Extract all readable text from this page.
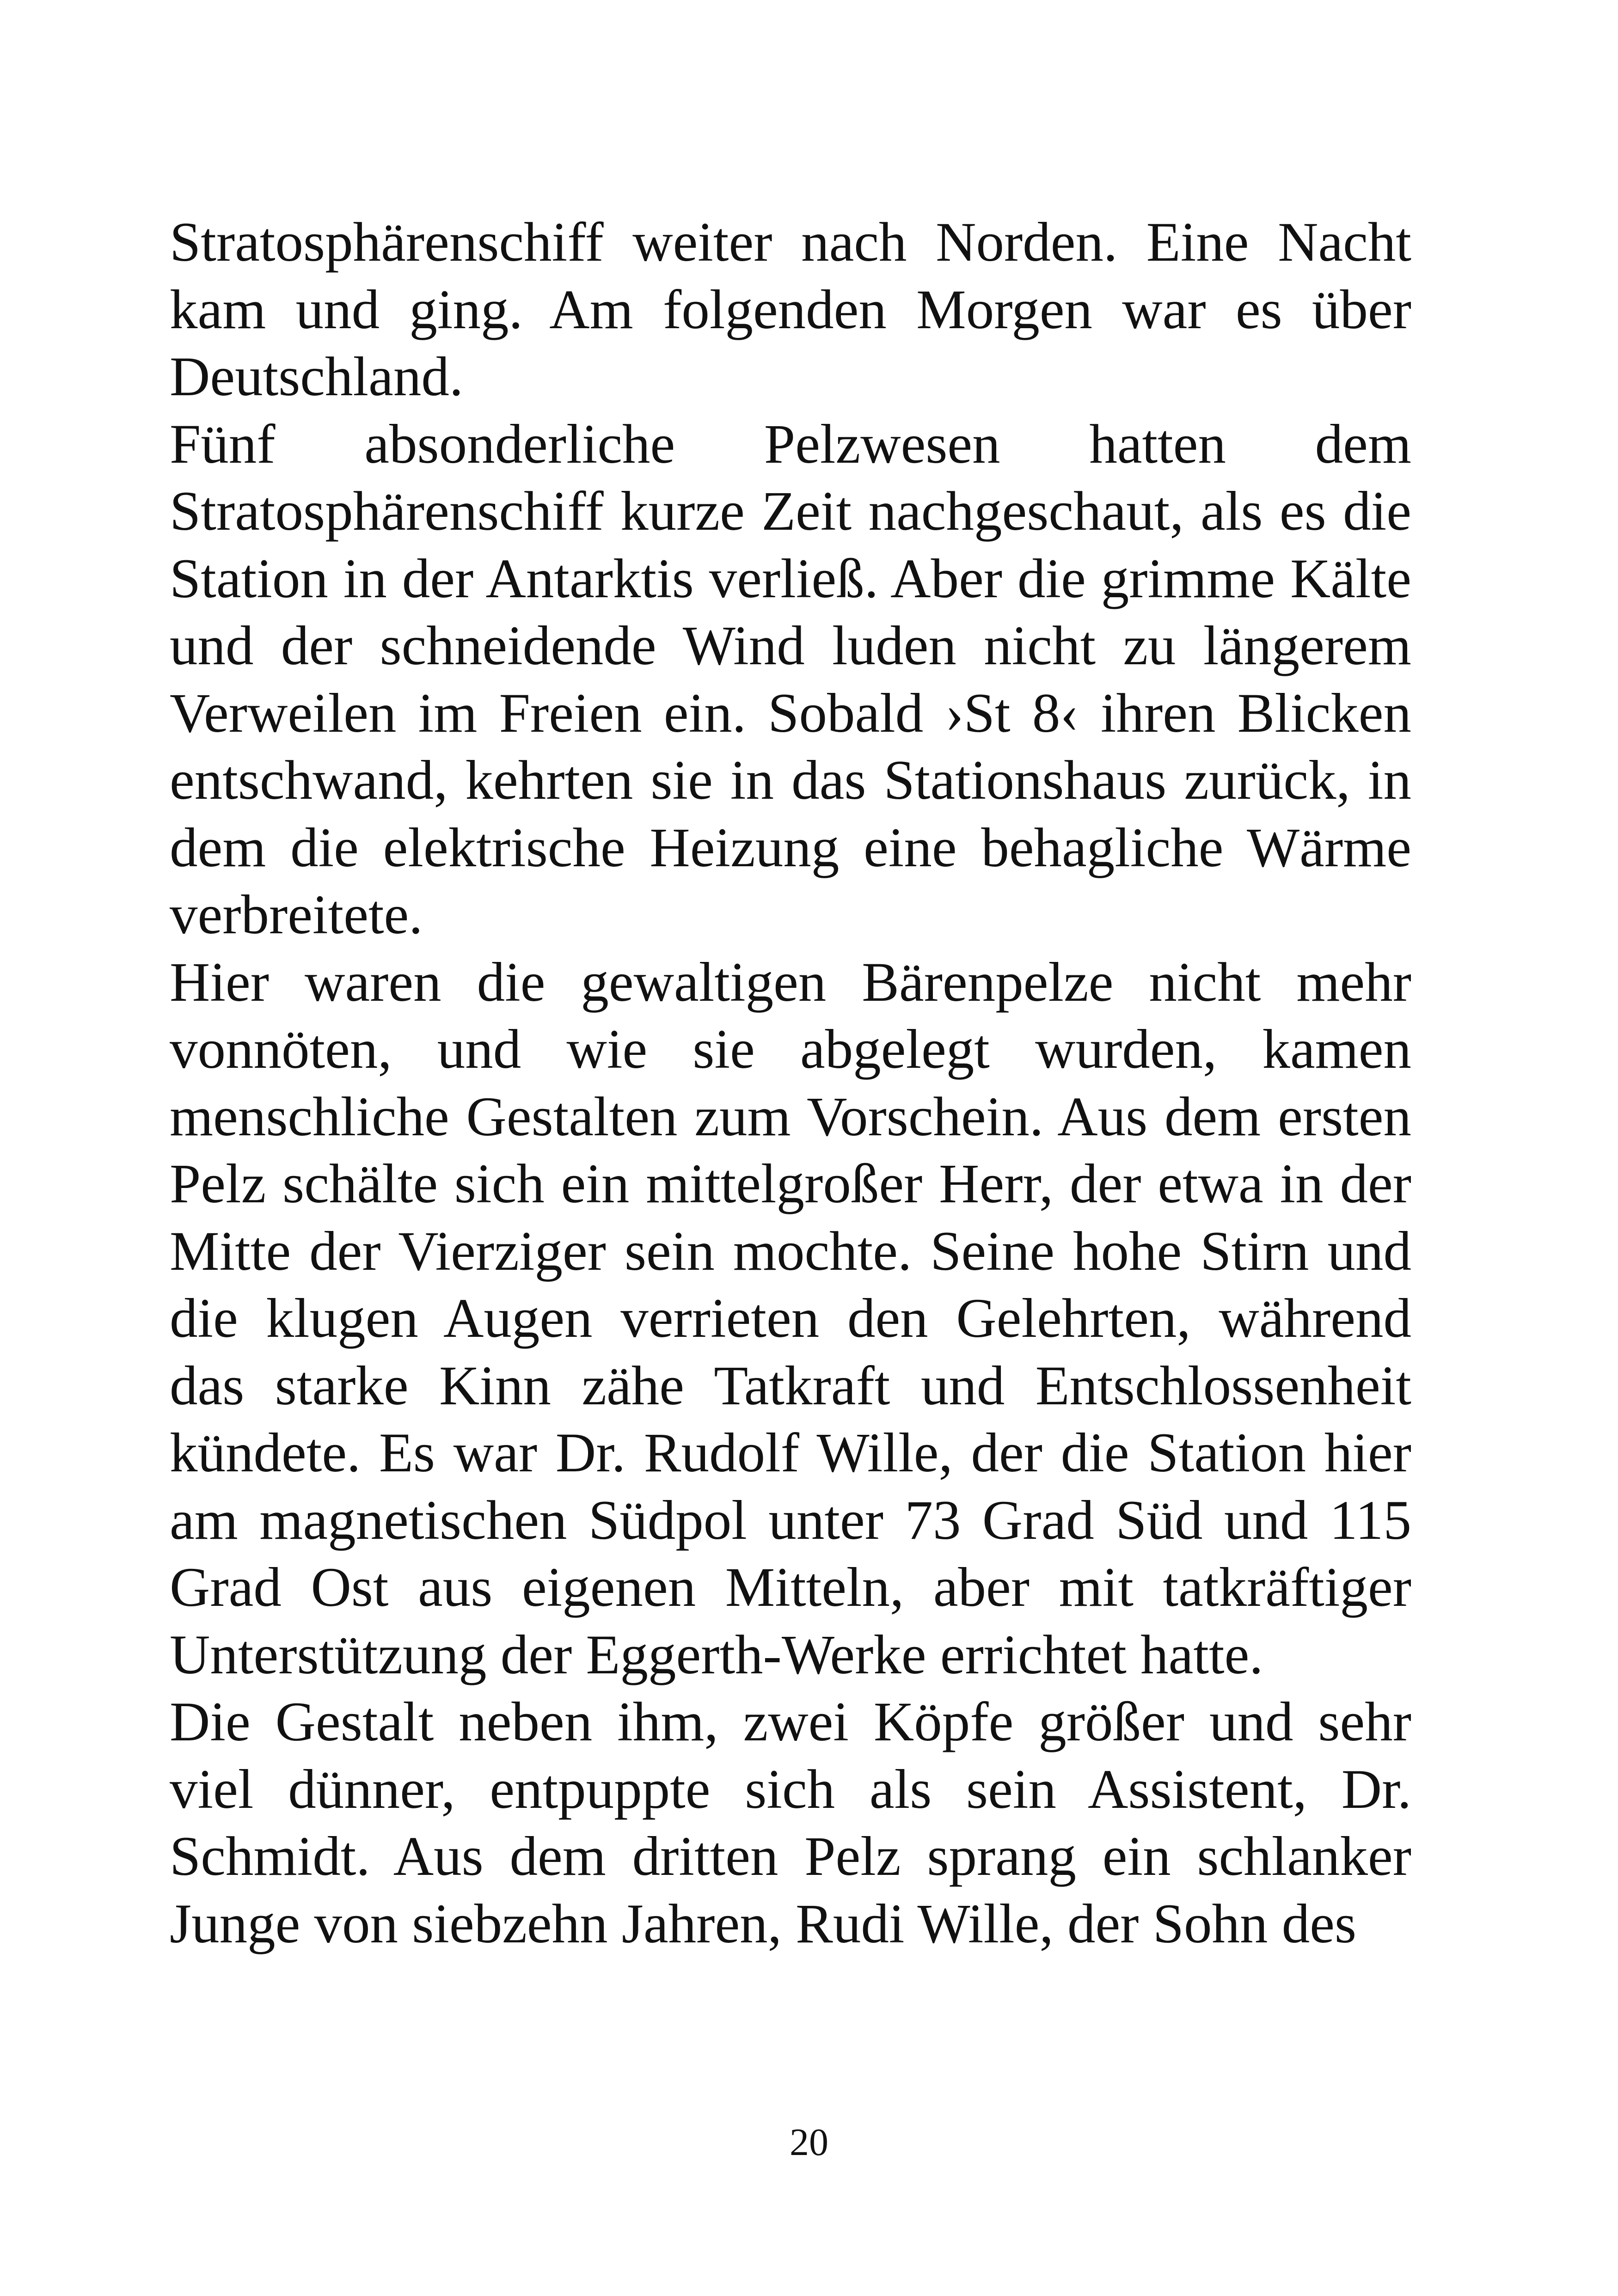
Stratosphärenschiff weiter nach Norden. Eine Nacht kam und ging. Am folgenden Morgen war es über Deutschland.

Fünf absonderliche Pelzwesen hatten dem Stratosphärenschiff kurze Zeit nachgeschaut, als es die Station in der Antarktis verließ. Aber die grimme Kälte und der schneidende Wind luden nicht zu längerem Verweilen im Freien ein. Sobald ›St 8‹ ihren Blicken entschwand, kehrten sie in das Stationshaus zurück, in dem die elektrische Heizung eine behagliche Wärme verbreitete.

Hier waren die gewaltigen Bärenpelze nicht mehr vonnöten, und wie sie abgelegt wurden, kamen menschliche Gestalten zum Vorschein. Aus dem ersten Pelz schälte sich ein mittelgroßer Herr, der etwa in der Mitte der Vierziger sein mochte. Seine hohe Stirn und die klugen Augen verrieten den Gelehrten, während das starke Kinn zähe Tatkraft und Entschlossenheit kündete. Es war Dr. Rudolf Wille, der die Station hier am magnetischen Südpol unter 73 Grad Süd und 115 Grad Ost aus eigenen Mitteln, aber mit tatkräftiger Unterstützung der Eggerth-Werke errichtet hatte.

Die Gestalt neben ihm, zwei Köpfe größer und sehr viel dünner, entpuppte sich als sein Assistent, Dr. Schmidt. Aus dem dritten Pelz sprang ein schlanker Junge von siebzehn Jahren, Rudi Wille, der Sohn des

20
